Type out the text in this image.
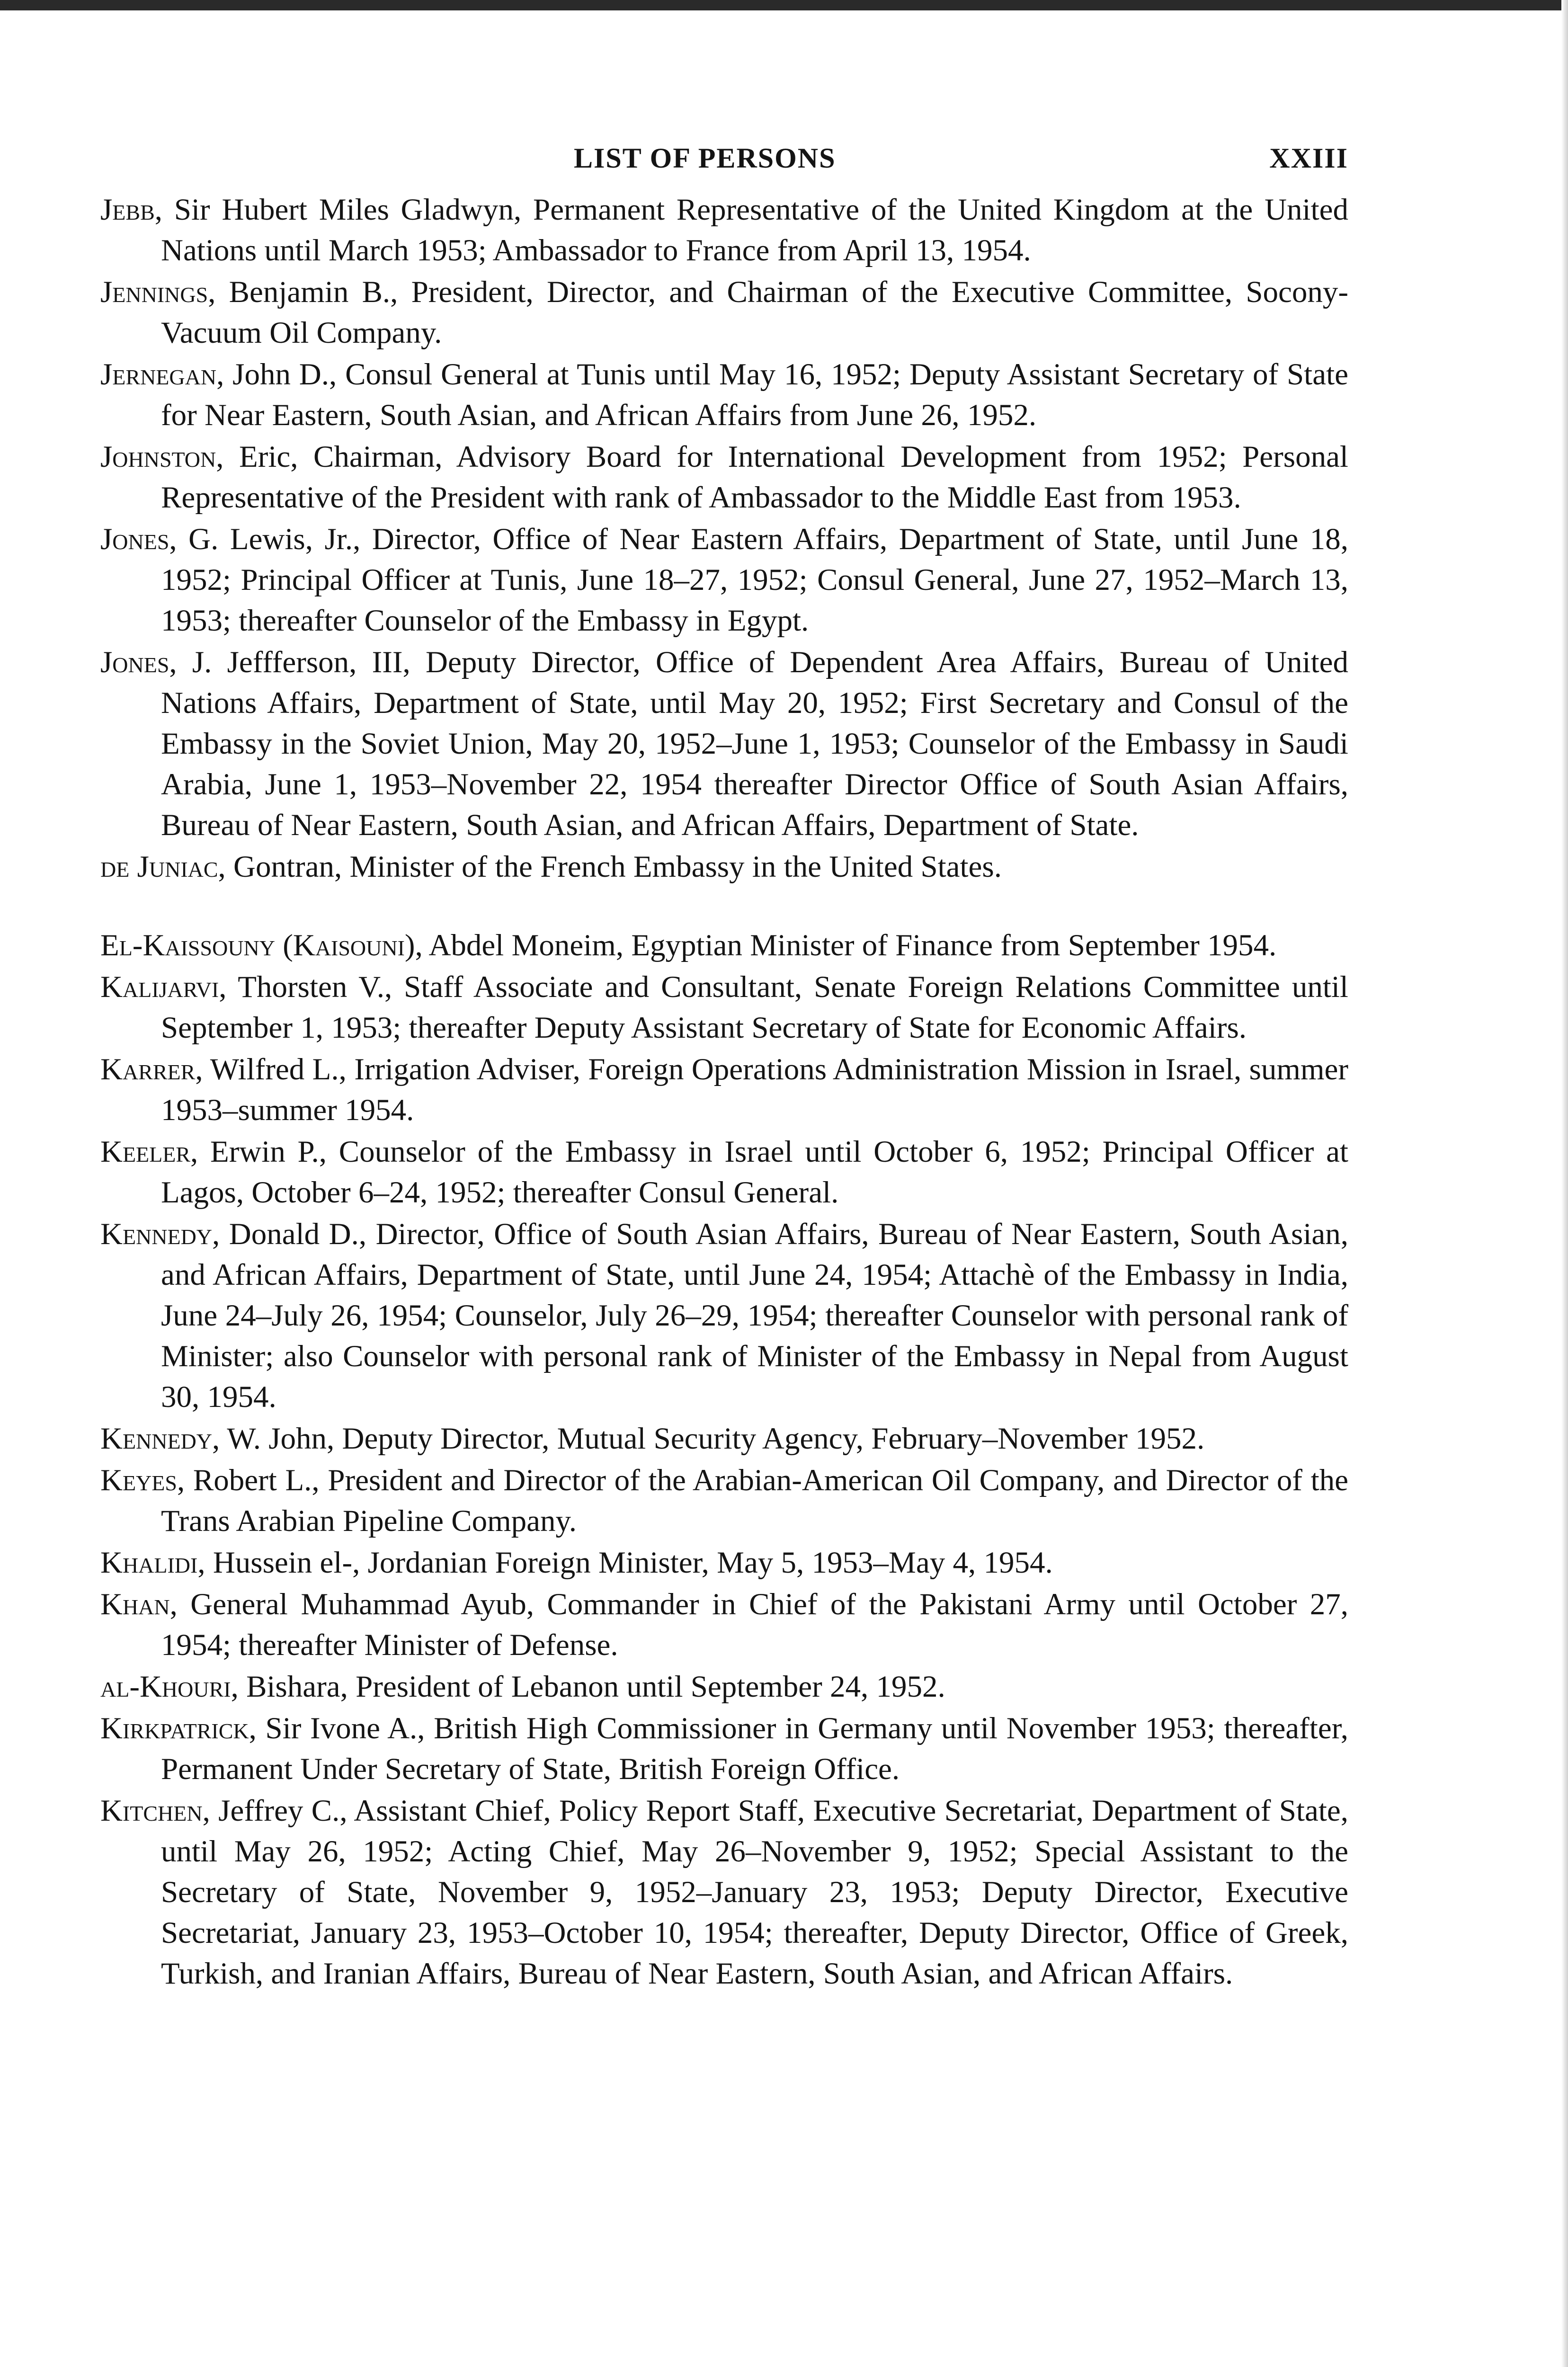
LIST OF PERSONS	XXIII

Jebb, Sir Hubert Miles Gladwyn, Permanent Representative of the United Kingdom at the United Nations until March 1953; Ambassador to France from April 13, 1954.

Jennings, Benjamin B., President, Director, and Chairman of the Executive Committee, Socony-Vacuum Oil Company.

Jernegan, John D., Consul General at Tunis until May 16, 1952; Deputy Assistant Secretary of State for Near Eastern, South Asian, and African Affairs from June 26, 1952.

Johnston, Eric, Chairman, Advisory Board for International Development from 1952; Personal Representative of the President with rank of Ambassador to the Middle East from 1953.

Jones, G. Lewis, Jr., Director, Office of Near Eastern Affairs, Department of State, until June 18, 1952; Principal Officer at Tunis, June 18–27, 1952; Consul General, June 27, 1952–March 13, 1953; thereafter Counselor of the Embassy in Egypt.

Jones, J. Jeffferson, III, Deputy Director, Office of Dependent Area Affairs, Bureau of United Nations Affairs, Department of State, until May 20, 1952; First Secretary and Consul of the Embassy in the Soviet Union, May 20, 1952–June 1, 1953; Counselor of the Embassy in Saudi Arabia, June 1, 1953–November 22, 1954 thereafter Director Office of South Asian Affairs, Bureau of Near Eastern, South Asian, and African Affairs, Department of State.

de Juniac, Gontran, Minister of the French Embassy in the United States.

El-Kaissouny (Kaisouni), Abdel Moneim, Egyptian Minister of Finance from September 1954.

Kalijarvi, Thorsten V., Staff Associate and Consultant, Senate Foreign Relations Committee until September 1, 1953; thereafter Deputy Assistant Secretary of State for Economic Affairs.

Karrer, Wilfred L., Irrigation Adviser, Foreign Operations Administration Mission in Israel, summer 1953–summer 1954.

Keeler, Erwin P., Counselor of the Embassy in Israel until October 6, 1952; Principal Officer at Lagos, October 6–24, 1952; thereafter Consul General.

Kennedy, Donald D., Director, Office of South Asian Affairs, Bureau of Near Eastern, South Asian, and African Affairs, Department of State, until June 24, 1954; Attachè of the Embassy in India, June 24–July 26, 1954; Counselor, July 26–29, 1954; thereafter Counselor with personal rank of Minister; also Counselor with personal rank of Minister of the Embassy in Nepal from August 30, 1954.

Kennedy, W. John, Deputy Director, Mutual Security Agency, February–November 1952.

Keyes, Robert L., President and Director of the Arabian-American Oil Company, and Director of the Trans Arabian Pipeline Company.

Khalidi, Hussein el-, Jordanian Foreign Minister, May 5, 1953–May 4, 1954.

Khan, General Muhammad Ayub, Commander in Chief of the Pakistani Army until October 27, 1954; thereafter Minister of Defense.

al-Khouri, Bishara, President of Lebanon until September 24, 1952.

Kirkpatrick, Sir Ivone A., British High Commissioner in Germany until November 1953; thereafter, Permanent Under Secretary of State, British Foreign Office.

Kitchen, Jeffrey C., Assistant Chief, Policy Report Staff, Executive Secretariat, Department of State, until May 26, 1952; Acting Chief, May 26–November 9, 1952; Special Assistant to the Secretary of State, November 9, 1952–January 23, 1953; Deputy Director, Executive Secretariat, January 23, 1953–October 10, 1954; thereafter, Deputy Director, Office of Greek, Turkish, and Iranian Affairs, Bureau of Near Eastern, South Asian, and African Affairs.
